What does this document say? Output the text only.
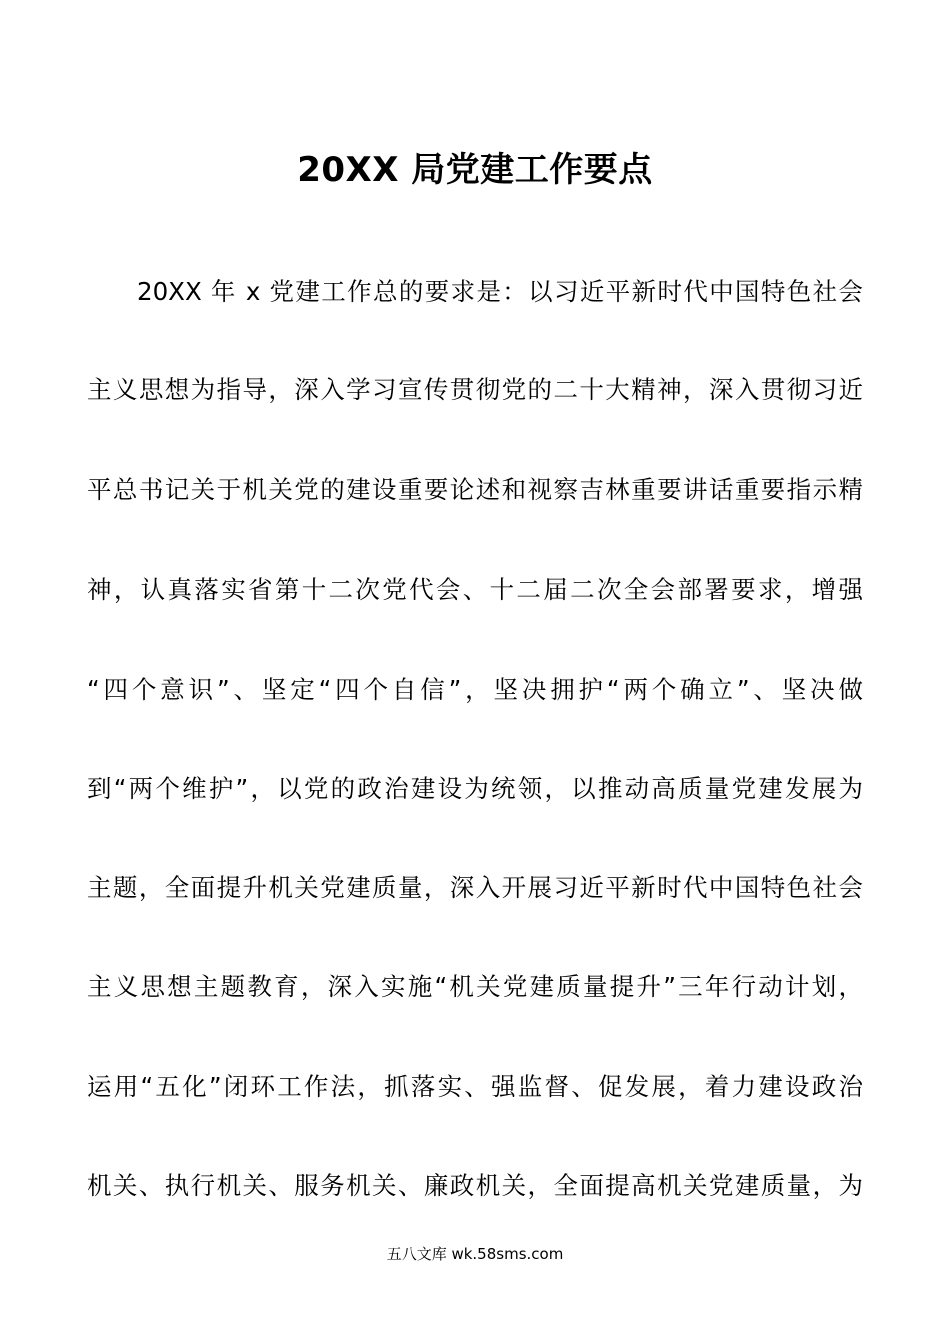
20XX 局党建工作要点
20XX 年 x 党建工作总的要求是：以习近平新时代中国特色社会
主义思想为指导，深入学习宣传贯彻党的二十大精神，深入贯彻习近
平总书记关于机关党的建设重要论述和视察吉林重要讲话重要指示精
神，认真落实省第十二次党代会、十二届二次全会部署要求，增强
“四个意识”、坚定“四个自信”，坚决拥护“两个确立”、坚决做
到“两个维护”，以党的政治建设为统领，以推动高质量党建发展为
主题，全面提升机关党建质量，深入开展习近平新时代中国特色社会
主义思想主题教育，深入实施“机关党建质量提升”三年行动计划，
运用“五化”闭环工作法，抓落实、强监督、促发展，着力建设政治
机关、执行机关、服务机关、廉政机关，全面提高机关党建质量，为
五八文库 wk.58sms.com
